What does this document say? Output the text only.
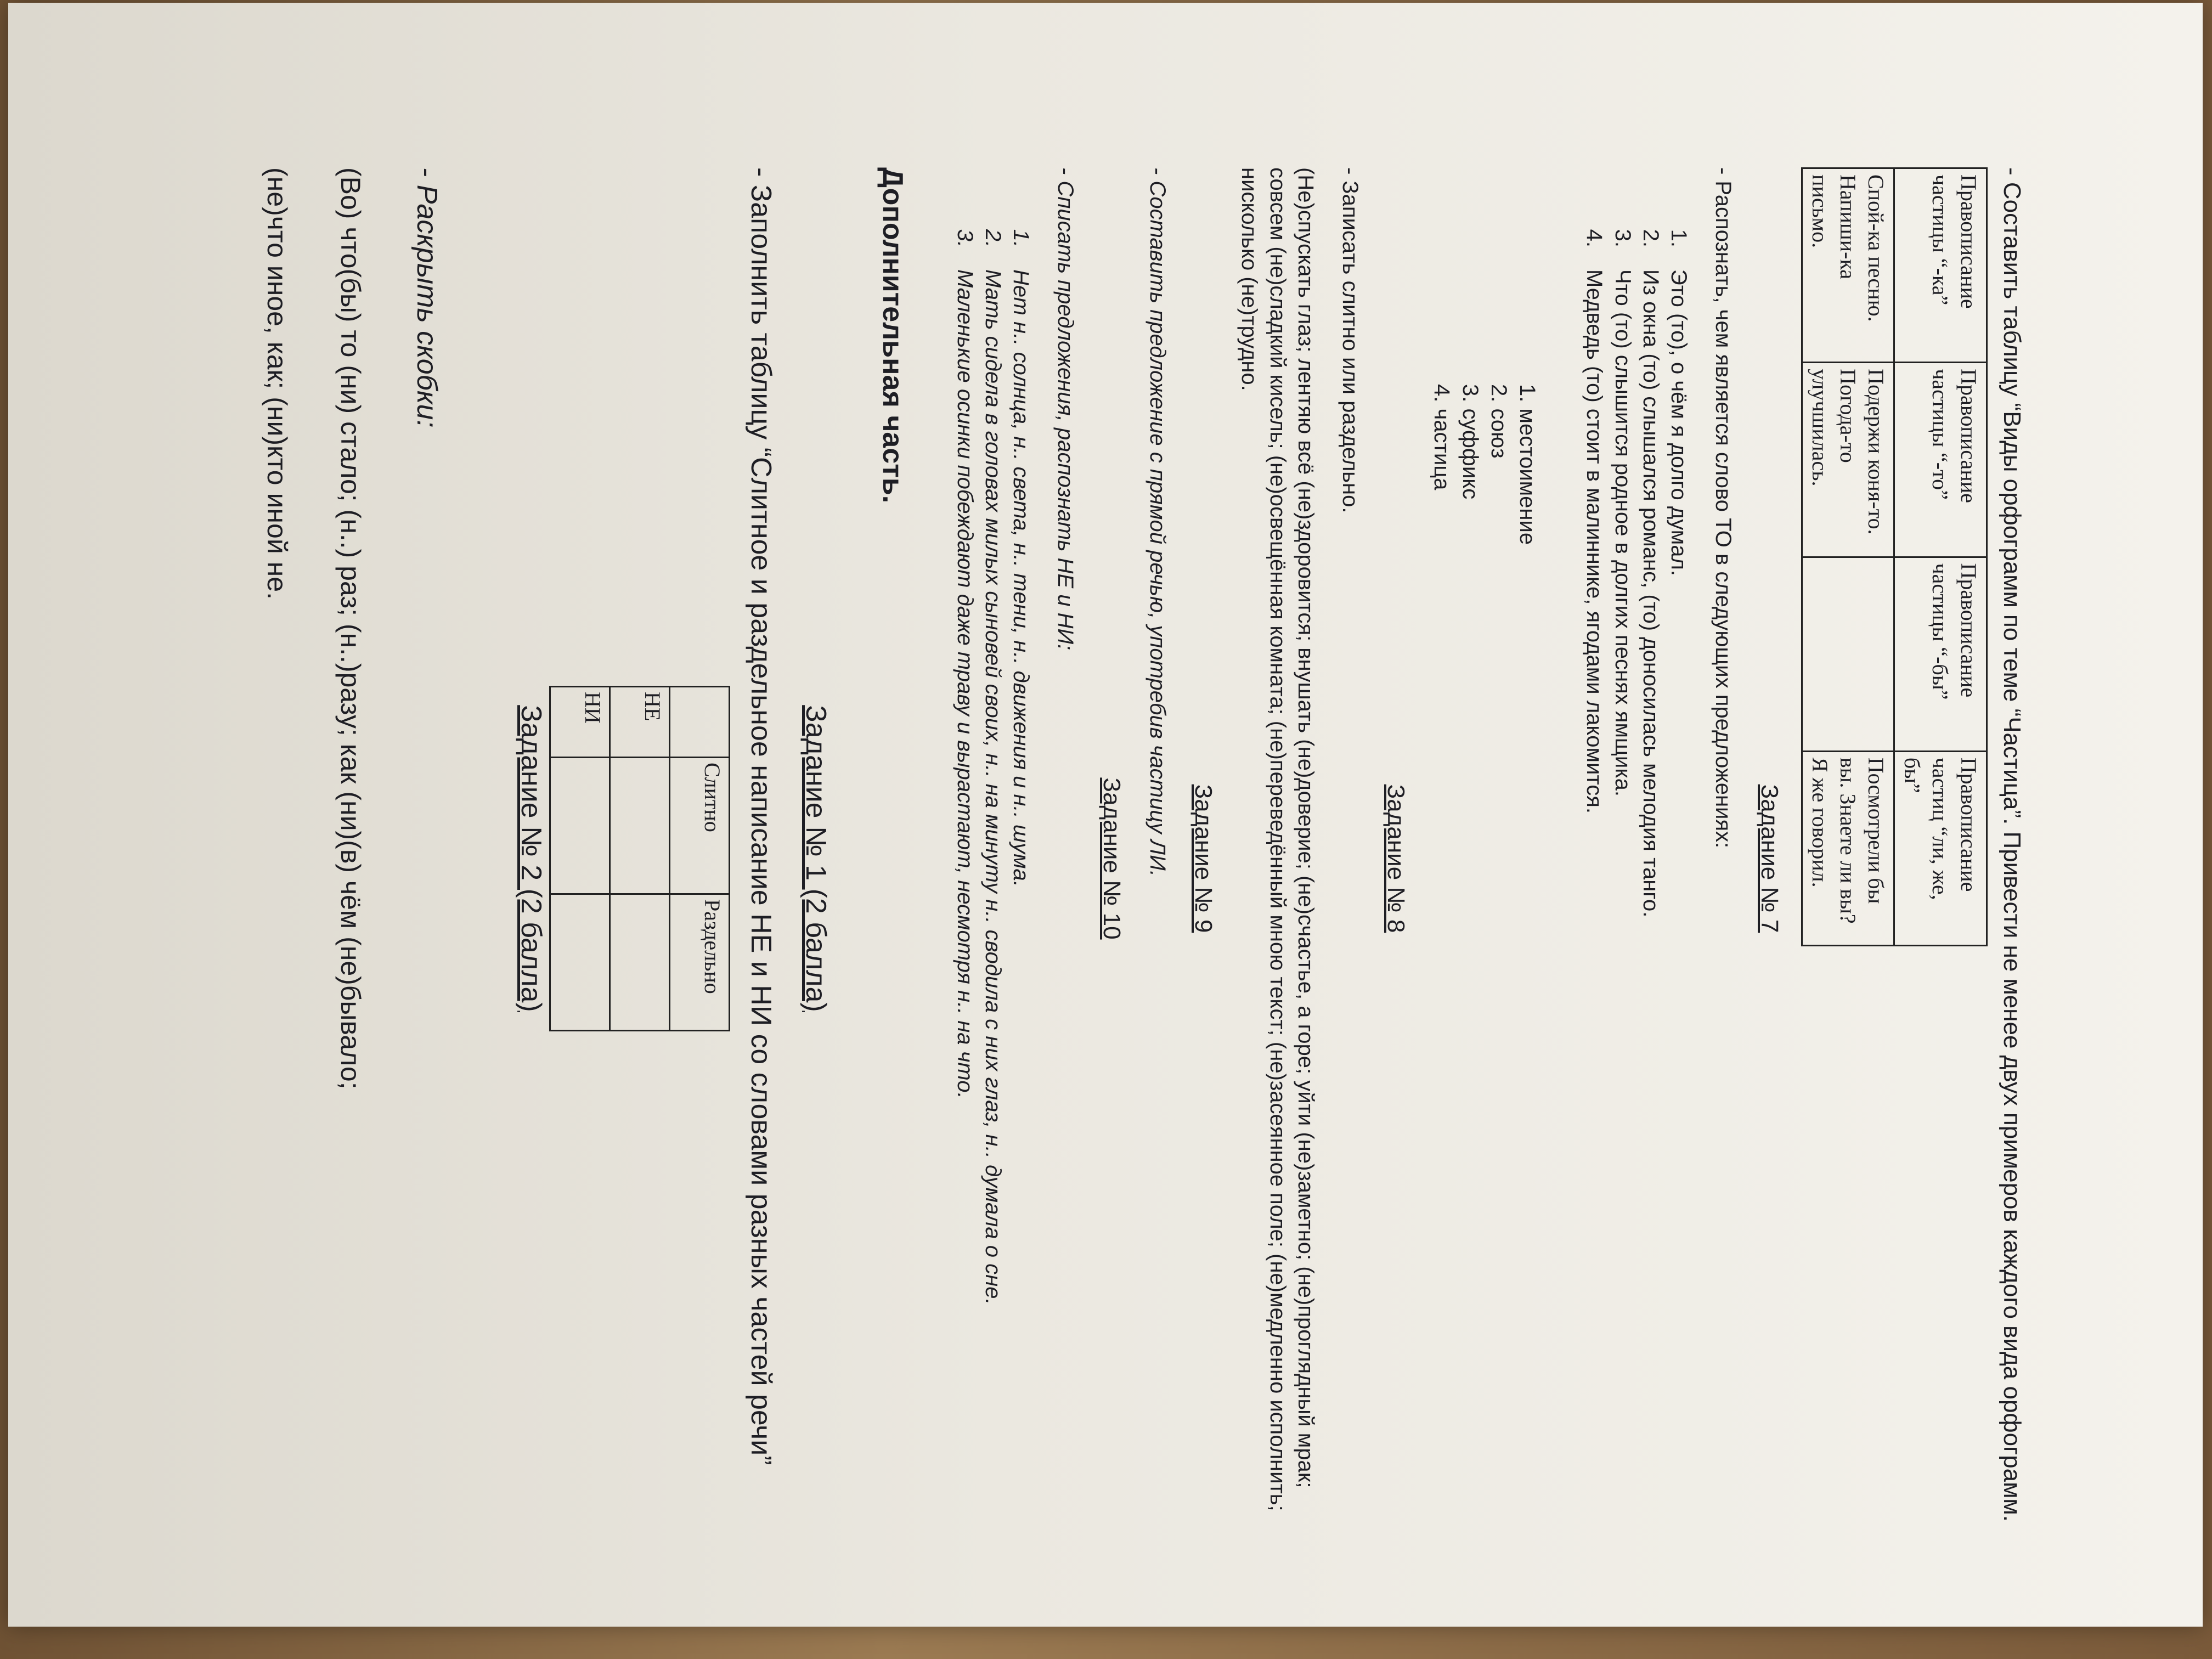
- Составить таблицу “Виды орфограмм по теме “Частица”. Привести не менее двух примеров каждого вида орфограмм.

Правописание частицы “-ка”	Правописание частицы “-то”	Правописание частицы “-бы”	Правописание частиц “ли, же, бы”
Спой-ка песню. Напиши-ка письмо.	Подержи коня-то. Погода-то улучшилась.		Посмотрели бы вы. Знаете ли вы? Я же говорил.

Задание № 7

- Распознать, чем является слово ТО в следующих предложениях:

1.
Это (то), о чём я долго думал.
2.
Из окна (то) слышался романс, (то) доносилась мелодия танго.
3.
Что (то) слышится родное в долгих песнях ямщика.
4.
Медведь (то) стоит в малиннике, ягодами лакомится.

1. местоимение

2. союз

3. суффикс

4. частица

Задание № 8

- Записать слитно или раздельно.

(Не)спускать глаз; лентяю всё (не)здоровится; внушать (не)доверие; (не)счастье, а горе; уйти (не)заметно; (не)проглядный мрак; совсем (не)сладкий кисель; (не)освещённая комната; (не)переведённый мною текст; (не)засеянное поле; (не)медленно исполнить; нисколько (не)трудно.

Задание № 9

- Составить предложение с прямой речью, употребив частицу ЛИ.

Задание № 10

- Списать предложения, распознать НЕ и НИ:

1.
Нет н.. солнца, н.. света, н.. тени, н.. движения и н.. шума.
2.
Мать сидела в головах милых сыновей своих, н.. на минуту н.. сводила с них глаз, н.. думала о сне.
3.
Маленькие осинки побеждают даже траву и вырастают, несмотря н.. на что.
Дополнительная часть.

Задание № 1 (2 балла)

- Заполнить таблицу “Слитное и раздельное написание НЕ и НИ со словами разных частей речи”

	Слитно	Раздельно
НЕ		
НИ		

Задание № 2 (2 балла)

- Раскрыть скобки:

(Во) что(бы) то (ни) стало; (н..) раз; (н..)разу; как (ни)(в) чём (не)бывало;

(не)что иное, как; (ни)кто иной не.
